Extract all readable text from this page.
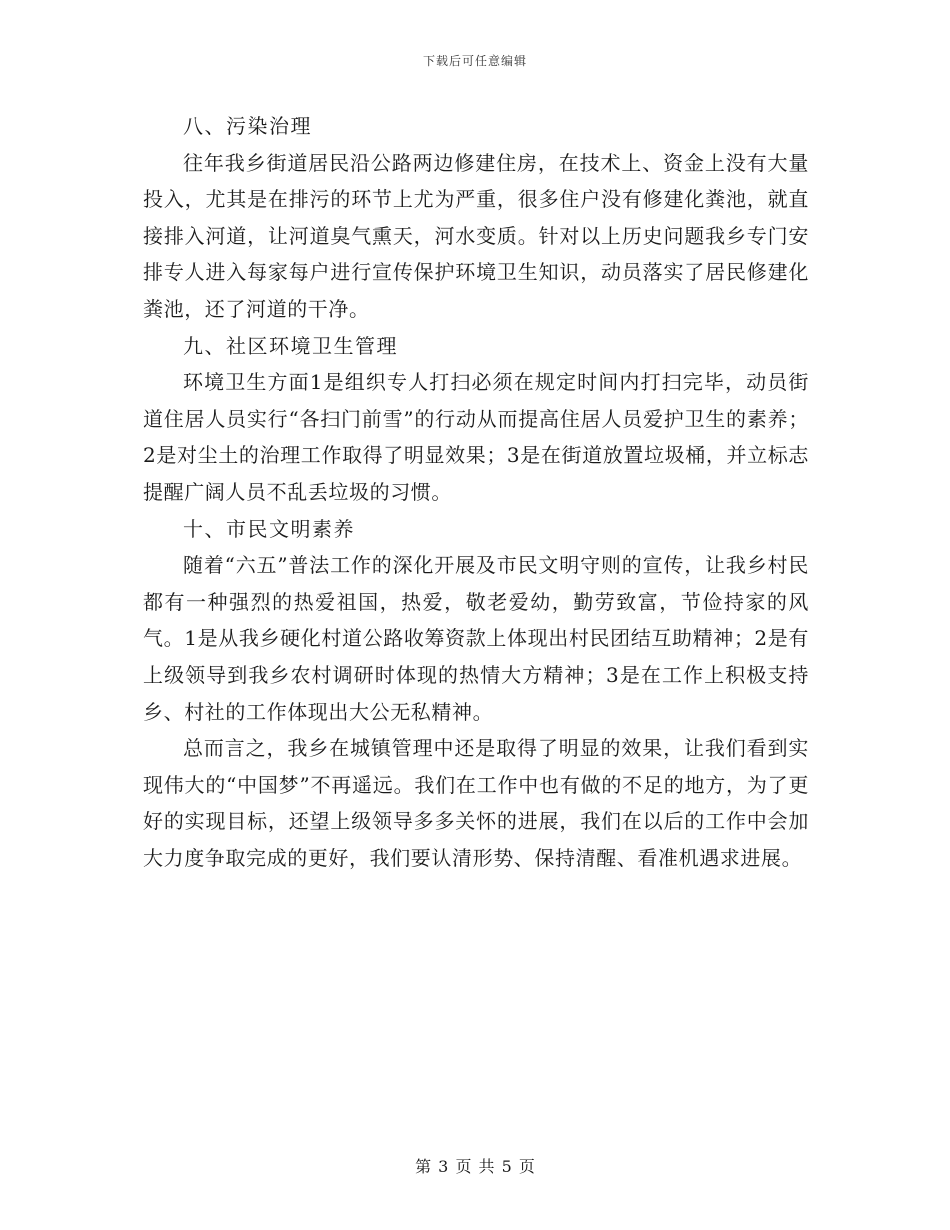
下载后可任意编辑

八、污染治理

往年我乡街道居民沿公路两边修建住房，在技术上、资金上没有大量投入，尤其是在排污的环节上尤为严重，很多住户没有修建化粪池，就直接排入河道，让河道臭气熏天，河水变质。针对以上历史问题我乡专门安排专人进入每家每户进行宣传保护环境卫生知识，动员落实了居民修建化粪池，还了河道的干净。

九、社区环境卫生管理

环境卫生方面1是组织专人打扫必须在规定时间内打扫完毕，动员街道住居人员实行“各扫门前雪”的行动从而提高住居人员爱护卫生的素养；2是对尘土的治理工作取得了明显效果；3是在街道放置垃圾桶，并立标志提醒广阔人员不乱丢垃圾的习惯。

十、市民文明素养

随着“六五”普法工作的深化开展及市民文明守则的宣传，让我乡村民都有一种强烈的热爱祖国，热爱，敬老爱幼，勤劳致富，节俭持家的风气。1是从我乡硬化村道公路收筹资款上体现出村民团结互助精神；2是有上级领导到我乡农村调研时体现的热情大方精神；3是在工作上积极支持乡、村社的工作体现出大公无私精神。

总而言之，我乡在城镇管理中还是取得了明显的效果，让我们看到实现伟大的“中国梦”不再遥远。我们在工作中也有做的不足的地方，为了更好的实现目标，还望上级领导多多关怀的进展，我们在以后的工作中会加大力度争取完成的更好，我们要认清形势、保持清醒、看准机遇求进展。

第 3 页 共 5 页
